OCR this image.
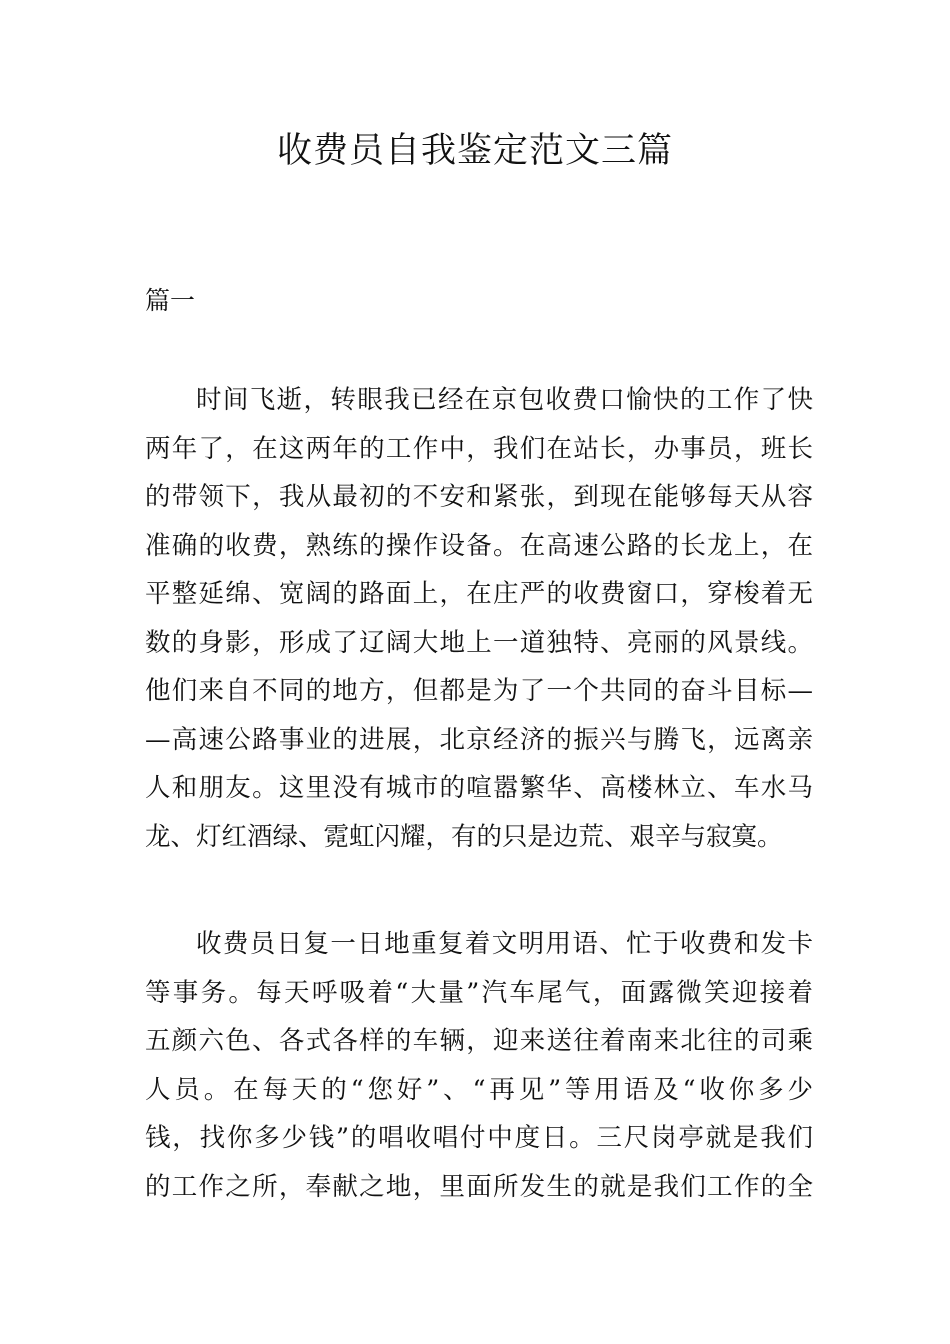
收费员自我鉴定范文三篇
篇一
时间飞逝，转眼我已经在京包收费口愉快的工作了快
两年了，在这两年的工作中，我们在站长，办事员，班长
的带领下，我从最初的不安和紧张，到现在能够每天从容
准确的收费，熟练的操作设备。在高速公路的长龙上，在
平整延绵、宽阔的路面上，在庄严的收费窗口，穿梭着无
数的身影，形成了辽阔大地上一道独特、亮丽的风景线。
他们来自不同的地方，但都是为了一个共同的奋斗目标—
—高速公路事业的进展，北京经济的振兴与腾飞，远离亲
人和朋友。这里没有城市的喧嚣繁华、高楼林立、车水马
龙、灯红酒绿、霓虹闪耀，有的只是边荒、艰辛与寂寞。
收费员日复一日地重复着文明用语、忙于收费和发卡
等事务。每天呼吸着“大量”汽车尾气，面露微笑迎接着
五颜六色、各式各样的车辆，迎来送往着南来北往的司乘
人员。在每天的“您好”、“再见”等用语及“收你多少
钱，找你多少钱”的唱收唱付中度日。三尺岗亭就是我们
的工作之所，奉献之地，里面所发生的就是我们工作的全
